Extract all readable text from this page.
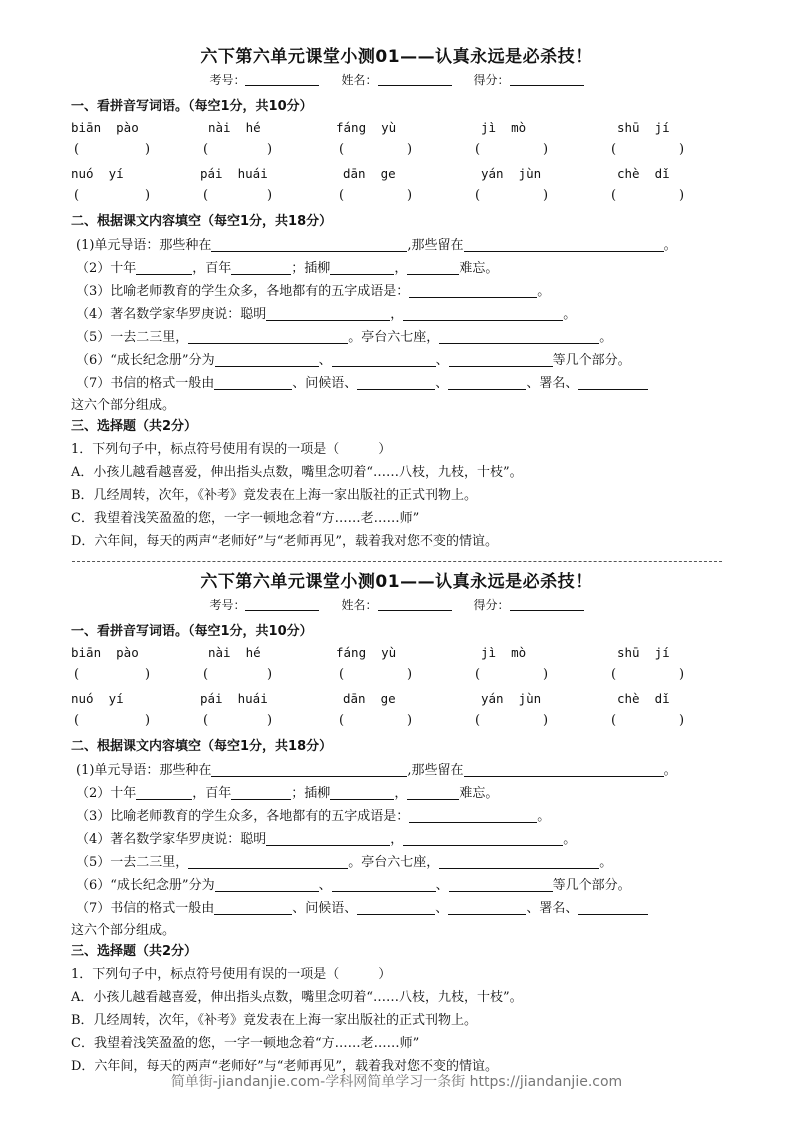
六下第六单元课堂小测01——认真永远是必杀技！
考号：	姓名：	得分：
一、看拼音写词语。（每空1分，共10分）
biān  pào	nài  hé	fáng  yù	jì  mò	shū  jí
(	)	(	)	(	)	(	)	(	)
nuó  yí	pái  huái	dān  ge	yán  jùn	chè  dǐ
(	)	(	)	(	)	(	)	(	)
二、根据课文内容填空（每空1分，共18分）
(1)单元导语：那些种在	,那些留在	。
（2）十年	，百年	；插柳	，	难忘。
（3）比喻老师教育的学生众多，各地都有的五字成语是：	。
（4）著名数学家华罗庚说：聪明	，	。
（5）一去二三里，	。亭台六七座，	。
（6）“成长纪念册”分为	、	、	等几个部分。
（7）书信的格式一般由	、问候语、	、	、署名、
这六个部分组成。
三、选择题（共2分）
1．下列句子中，标点符号使用有误的一项是（　　　）
A．小孩儿越看越喜爱，伸出指头点数，嘴里念叨着“……八枝，九枝，十枝”。
B．几经周转，次年，《补考》竟发表在上海一家出版社的正式刊物上。
C．我望着浅笑盈盈的您，一字一顿地念着“方……老……师”
D．六年间，每天的两声“老师好”与“老师再见”，载着我对您不变的情谊。
六下第六单元课堂小测01——认真永远是必杀技！
考号：	姓名：	得分：
一、看拼音写词语。（每空1分，共10分）
biān  pào	nài  hé	fáng  yù	jì  mò	shū  jí
(	)	(	)	(	)	(	)	(	)
nuó  yí	pái  huái	dān  ge	yán  jùn	chè  dǐ
(	)	(	)	(	)	(	)	(	)
二、根据课文内容填空（每空1分，共18分）
(1)单元导语：那些种在	,那些留在	。
（2）十年	，百年	；插柳	，	难忘。
（3）比喻老师教育的学生众多，各地都有的五字成语是：	。
（4）著名数学家华罗庚说：聪明	，	。
（5）一去二三里，	。亭台六七座，	。
（6）“成长纪念册”分为	、	、	等几个部分。
（7）书信的格式一般由	、问候语、	、	、署名、
这六个部分组成。
三、选择题（共2分）
1．下列句子中，标点符号使用有误的一项是（　　　）
A．小孩儿越看越喜爱，伸出指头点数，嘴里念叨着“……八枝，九枝，十枝”。
B．几经周转，次年，《补考》竟发表在上海一家出版社的正式刊物上。
C．我望着浅笑盈盈的您，一字一顿地念着“方……老……师”
D．六年间，每天的两声“老师好”与“老师再见”，载着我对您不变的情谊。
简单街-jiandanjie.com-学科网简单学习一条街 https://jiandanjie.com
